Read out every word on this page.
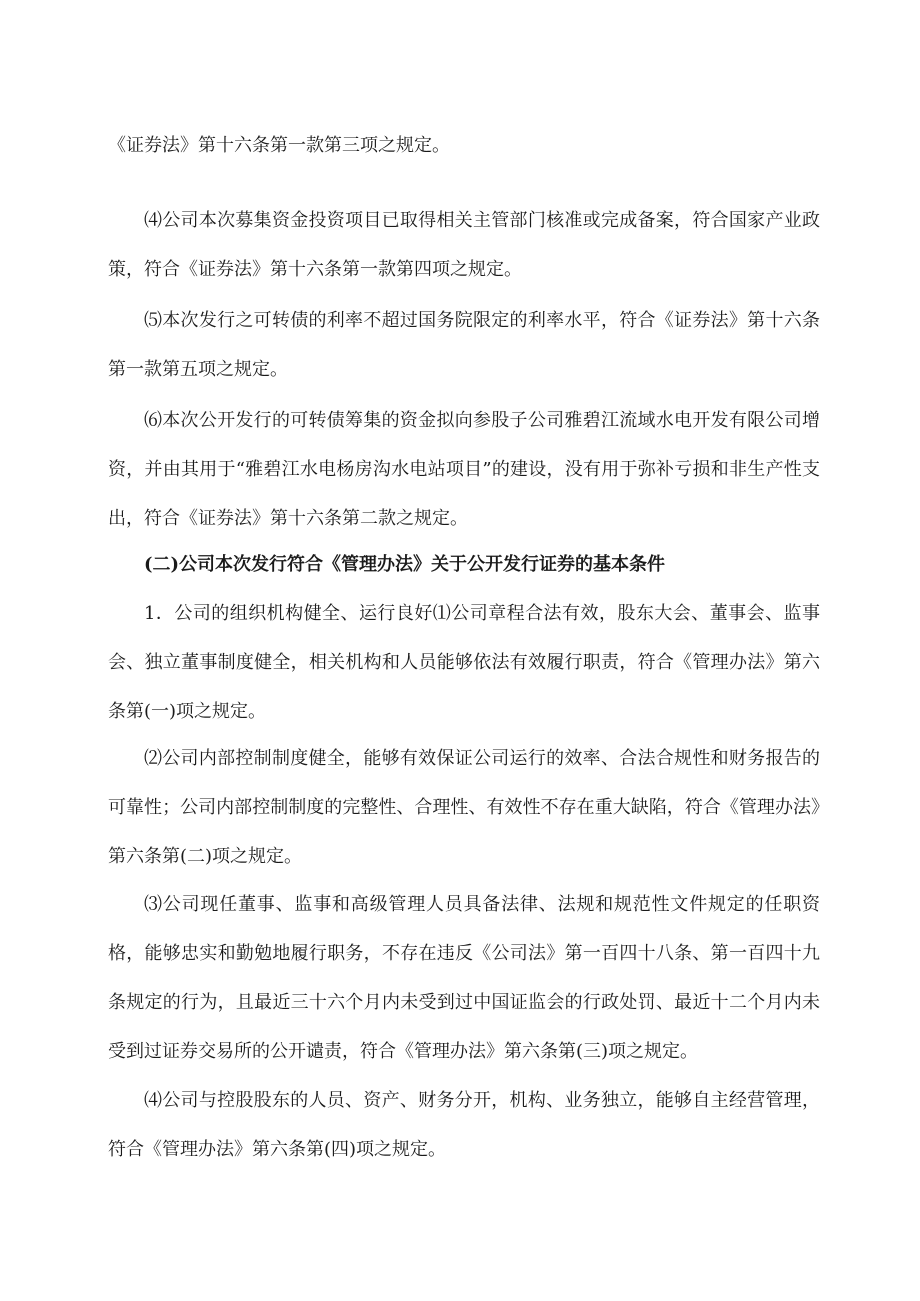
《证券法》第十六条第一款第三项之规定。

⑷公司本次募集资金投资项目已取得相关主管部门核准或完成备案，符合国家产业政策，符合《证券法》第十六条第一款第四项之规定。

⑸本次发行之可转债的利率不超过国务院限定的利率水平，符合《证券法》第十六条第一款第五项之规定。

⑹本次公开发行的可转债筹集的资金拟向参股子公司雅碧江流域水电开发有限公司增资，并由其用于“雅碧江水电杨房沟水电站项目”的建设，没有用于弥补亏损和非生产性支出，符合《证券法》第十六条第二款之规定。

(二)公司本次发行符合《管理办法》关于公开发行证券的基本条件

1．公司的组织机构健全、运行良好⑴公司章程合法有效，股东大会、董事会、监事会、独立董事制度健全，相关机构和人员能够依法有效履行职责，符合《管理办法》第六条第(一)项之规定。

⑵公司内部控制制度健全，能够有效保证公司运行的效率、合法合规性和财务报告的可靠性；公司内部控制制度的完整性、合理性、有效性不存在重大缺陷，符合《管理办法》第六条第(二)项之规定。

⑶公司现任董事、监事和高级管理人员具备法律、法规和规范性文件规定的任职资格，能够忠实和勤勉地履行职务，不存在违反《公司法》第一百四十八条、第一百四十九条规定的行为，且最近三十六个月内未受到过中国证监会的行政处罚、最近十二个月内未受到过证券交易所的公开谴责，符合《管理办法》第六条第(三)项之规定。

⑷公司与控股股东的人员、资产、财务分开，机构、业务独立，能够自主经营管理，符合《管理办法》第六条第(四)项之规定。
